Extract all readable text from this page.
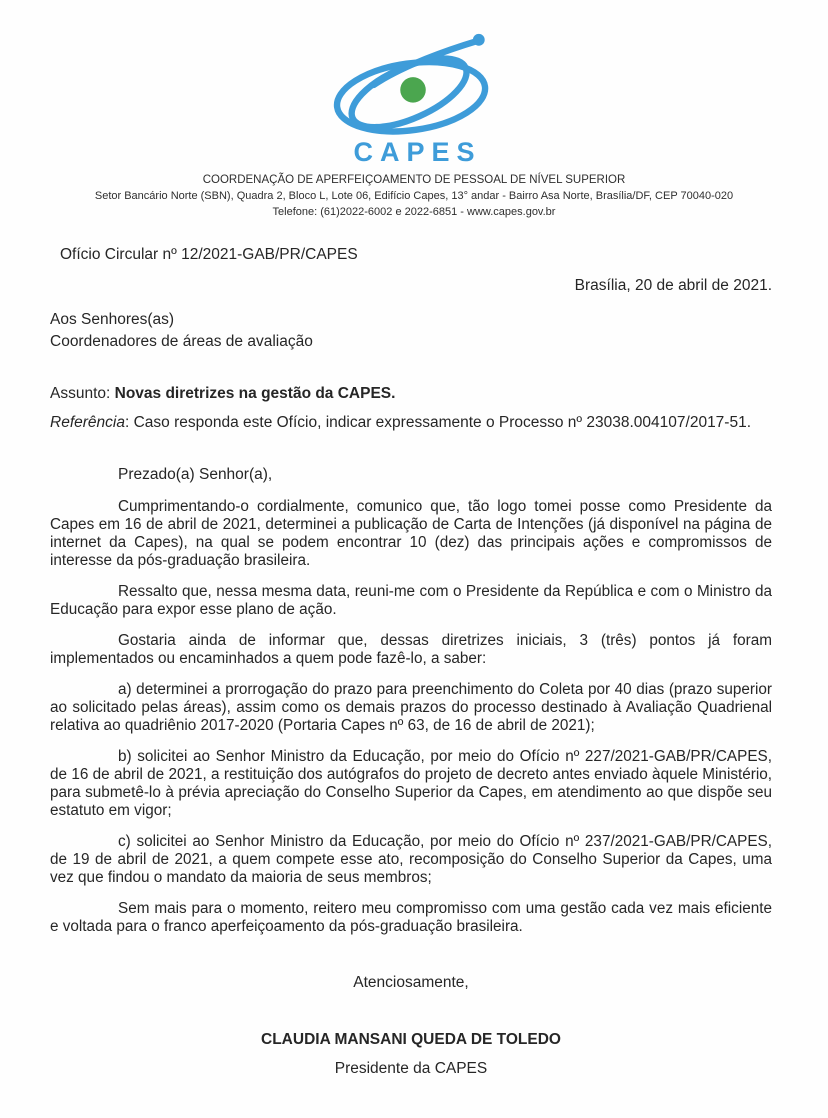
CAPES
COORDENAÇÃO DE APERFEIÇOAMENTO DE PESSOAL DE NÍVEL SUPERIOR
Setor Bancário Norte (SBN), Quadra 2, Bloco L, Lote 06, Edifício Capes, 13° andar - Bairro Asa Norte, Brasília/DF, CEP 70040-020
Telefone: (61)2022-6002 e 2022-6851 - www.capes.gov.br

Ofício Circular nº 12/2021-GAB/PR/CAPES

Brasília, 20 de abril de 2021.

Aos Senhores(as)

Coordenadores de áreas de avaliação

Assunto: Novas diretrizes na gestão da CAPES.

Referência: Caso responda este Ofício, indicar expressamente o Processo nº 23038.004107/2017-51.

Prezado(a) Senhor(a),

Cumprimentando-o cordialmente, comunico que, tão logo tomei posse como Presidente da Capes em 16 de abril de 2021, determinei a publicação de Carta de Intenções (já disponível na página de internet da Capes), na qual se podem encontrar 10 (dez) das principais ações e compromissos de interesse da pós-graduação brasileira.

Ressalto que, nessa mesma data, reuni-me com o Presidente da República e com o Ministro da Educação para expor esse plano de ação.

Gostaria ainda de informar que, dessas diretrizes iniciais, 3 (três) pontos já foram implementados ou encaminhados a quem pode fazê-lo, a saber:

a) determinei a prorrogação do prazo para preenchimento do Coleta por 40 dias (prazo superior ao solicitado pelas áreas), assim como os demais prazos do processo destinado à Avaliação Quadrienal relativa ao quadriênio 2017-2020 (Portaria Capes nº 63, de 16 de abril de 2021);

b) solicitei ao Senhor Ministro da Educação, por meio do Ofício nº 227/2021-GAB/PR/CAPES, de 16 de abril de 2021, a restituição dos autógrafos do projeto de decreto antes enviado àquele Ministério, para submetê-lo à prévia apreciação do Conselho Superior da Capes, em atendimento ao que dispõe seu estatuto em vigor;

c) solicitei ao Senhor Ministro da Educação, por meio do Ofício nº 237/2021-GAB/PR/CAPES, de 19 de abril de 2021, a quem compete esse ato, recomposição do Conselho Superior da Capes, uma vez que findou o mandato da maioria de seus membros;

Sem mais para o momento, reitero meu compromisso com uma gestão cada vez mais eficiente e voltada para o franco aperfeiçoamento da pós-graduação brasileira.

Atenciosamente,

CLAUDIA MANSANI QUEDA DE TOLEDO

Presidente da CAPES
